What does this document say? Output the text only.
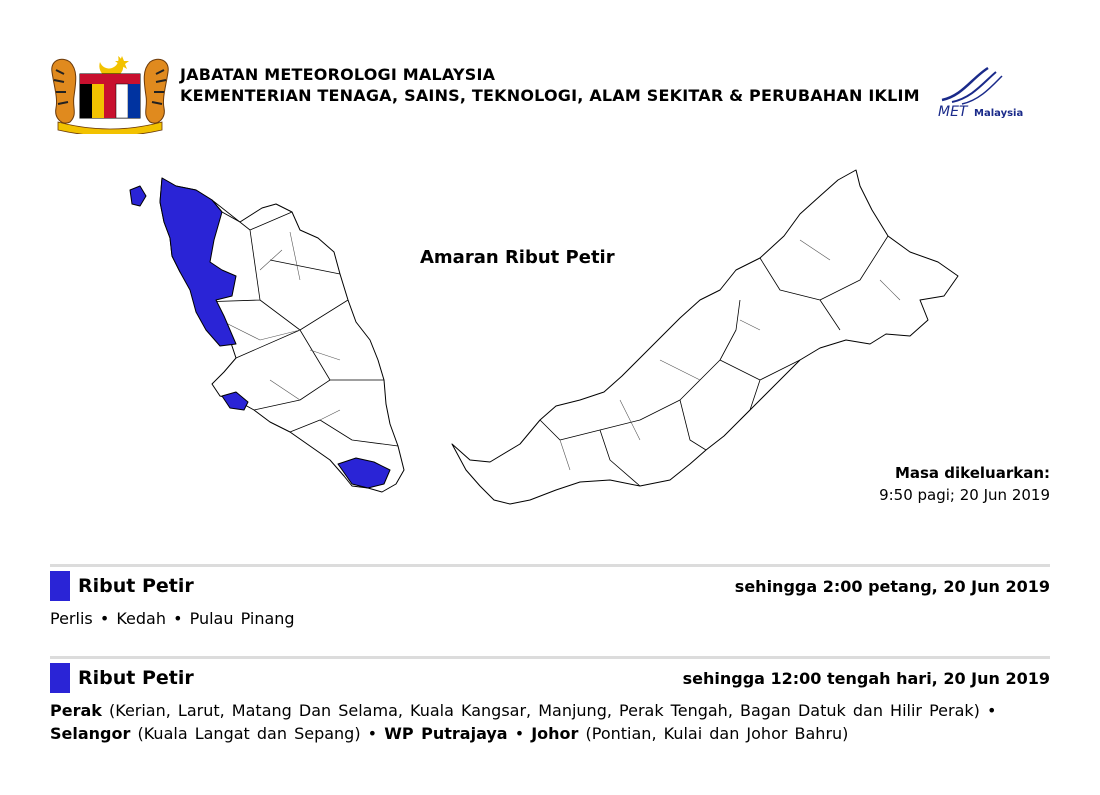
JABATAN METEOROLOGI MALAYSIA
KEMENTERIAN TENAGA, SAINS, TEKNOLOGI, ALAM SEKITAR & PERUBAHAN IKLIM
MET Malaysia
Amaran Ribut Petir
Masa dikeluarkan:
9:50 pagi; 20 Jun 2019
Ribut Petir	sehingga 2:00 petang, 20 Jun 2019
Perlis • Kedah • Pulau Pinang
Ribut Petir	sehingga 12:00 tengah hari, 20 Jun 2019
Perak (Kerian, Larut, Matang Dan Selama, Kuala Kangsar, Manjung, Perak Tengah, Bagan Datuk dan Hilir Perak) • Selangor (Kuala Langat dan Sepang) • WP Putrajaya • Johor (Pontian, Kulai dan Johor Bahru)
